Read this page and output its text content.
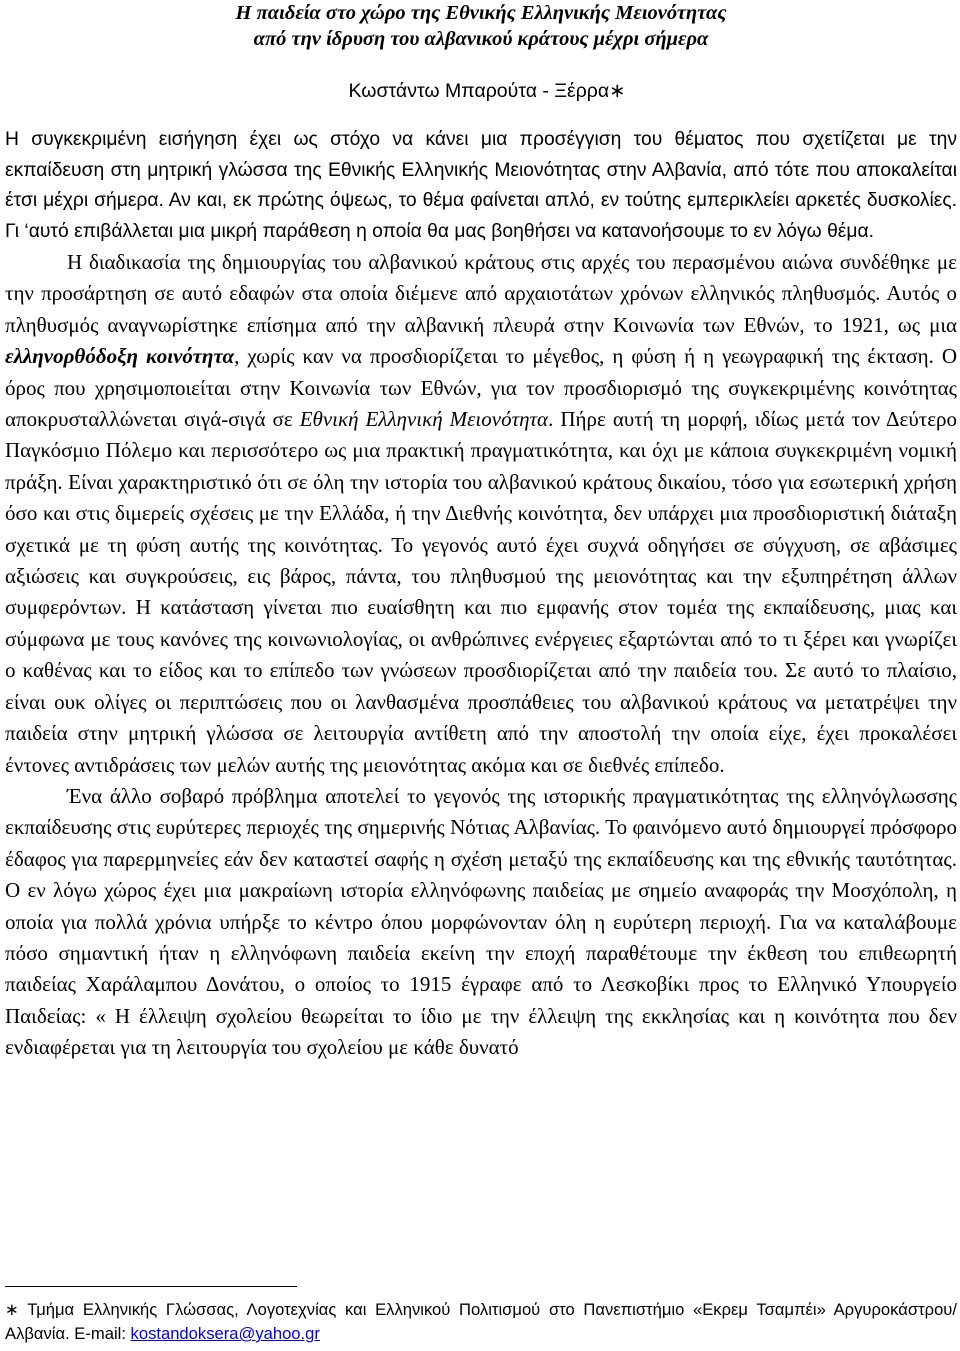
Η παιδεία στο χώρο της Εθνικής Ελληνικής Μειονότητας
από την ίδρυση του αλβανικού κράτους μέχρι σήμερα
Κωστάντω Μπαρούτα - Ξέρρα∗

Η συγκεκριμένη εισήγηση έχει ως στόχο να κάνει μια προσέγγιση του θέματος που σχετίζεται με την εκπαίδευση στη μητρική γλώσσα της Εθνικής Ελληνικής Μειονότητας στην Αλβανία, από τότε που αποκαλείται έτσι μέχρι σήμερα. Αν και, εκ πρώτης όψεως, το θέμα φαίνεται απλό, εν τούτης εμπερικλείει αρκετές δυσκολίες. Γι ‘αυτό επιβάλλεται μια μικρή παράθεση η οποία θα μας βοηθήσει να κατανοήσουμε το εν λόγω θέμα.

Η διαδικασία της δημιουργίας του αλβανικού κράτους στις αρχές του περασμένου αιώνα συνδέθηκε με την προσάρτηση σε αυτό εδαφών στα οποία διέμενε από αρχαιοτάτων χρόνων ελληνικός πληθυσμός. Αυτός ο πληθυσμός αναγνωρίστηκε επίσημα από την αλβανική πλευρά στην Κοινωνία των Εθνών, το 1921, ως μια ελληνορθόδοξη κοινότητα, χωρίς καν να προσδιορίζεται το μέγεθος, η φύση ή η γεωγραφική της έκταση. Ο όρος που χρησιμοποιείται στην Κοινωνία των Εθνών, για τον προσδιορισμό της συγκεκριμένης κοινότητας αποκρυσταλλώνεται σιγά-σιγά σε Εθνική Ελληνική Μειονότητα. Πήρε αυτή τη μορφή, ιδίως μετά τον Δεύτερο Παγκόσμιο Πόλεμο και περισσότερο ως μια πρακτική πραγματικότητα, και όχι με κάποια συγκεκριμένη νομική πράξη. Είναι χαρακτηριστικό ότι σε όλη την ιστορία του αλβανικού κράτους δικαίου, τόσο για εσωτερική χρήση όσο και στις διμερείς σχέσεις με την Ελλάδα, ή την Διεθνής κοινότητα, δεν υπάρχει μια προσδιοριστική διάταξη σχετικά με τη φύση αυτής της κοινότητας. Το γεγονός αυτό έχει συχνά οδηγήσει σε σύγχυση, σε αβάσιμες αξιώσεις και συγκρούσεις, εις βάρος, πάντα, του πληθυσμού της μειονότητας και την εξυπηρέτηση άλλων συμφερόντων. Η κατάσταση γίνεται πιο ευαίσθητη και πιο εμφανής στον τομέα της εκπαίδευσης, μιας και σύμφωνα με τους κανόνες της κοινωνιολογίας, οι ανθρώπινες ενέργειες εξαρτώνται από το τι ξέρει και γνωρίζει ο καθένας και το είδος και το επίπεδο των γνώσεων προσδιορίζεται από την παιδεία του. Σε αυτό το πλαίσιο, είναι ουκ ολίγες οι περιπτώσεις που οι λανθασμένα προσπάθειες του αλβανικού κράτους να μετατρέψει την παιδεία στην μητρική γλώσσα σε λειτουργία αντίθετη από την αποστολή την οποία είχε, έχει προκαλέσει έντονες αντιδράσεις των μελών αυτής της μειονότητας ακόμα και σε διεθνές επίπεδο.

Ένα άλλο σοβαρό πρόβλημα αποτελεί το γεγονός της ιστορικής πραγματικότητας της ελληνόγλωσσης εκπαίδευσης στις ευρύτερες περιοχές της σημερινής Νότιας Αλβανίας. Το φαινόμενο αυτό δημιουργεί πρόσφορο έδαφος για παρερμηνείες εάν δεν καταστεί σαφής η σχέση μεταξύ της εκπαίδευσης και της εθνικής ταυτότητας. Ο εν λόγω χώρος έχει μια μακραίωνη ιστορία ελληνόφωνης παιδείας με σημείο αναφοράς την Μοσχόπολη, η οποία για πολλά χρόνια υπήρξε το κέντρο όπου μορφώνονταν όλη η ευρύτερη περιοχή. Για να καταλάβουμε πόσο σημαντική ήταν η ελληνόφωνη παιδεία εκείνη την εποχή παραθέτουμε την έκθεση του επιθεωρητή παιδείας Χαράλαμπου Δονάτου, ο οποίος το 1915 έγραφε από το Λεσκοβίκι προς το Ελληνικό Υπουργείο Παιδείας: « Η έλλειψη σχολείου θεωρείται το ίδιο με την έλλειψη της εκκλησίας και η κοινότητα που δεν ενδιαφέρεται για τη λειτουργία του σχολείου με κάθε δυνατό

∗ Τμήμα Ελληνικής Γλώσσας, Λογοτεχνίας και Ελληνικού Πολιτισμού στο Πανεπιστήμιο «Εκρεμ Τσαμπέι» Αργυροκάστρου/Αλβανία. E-mail: kostandoksera@yahoo.gr
